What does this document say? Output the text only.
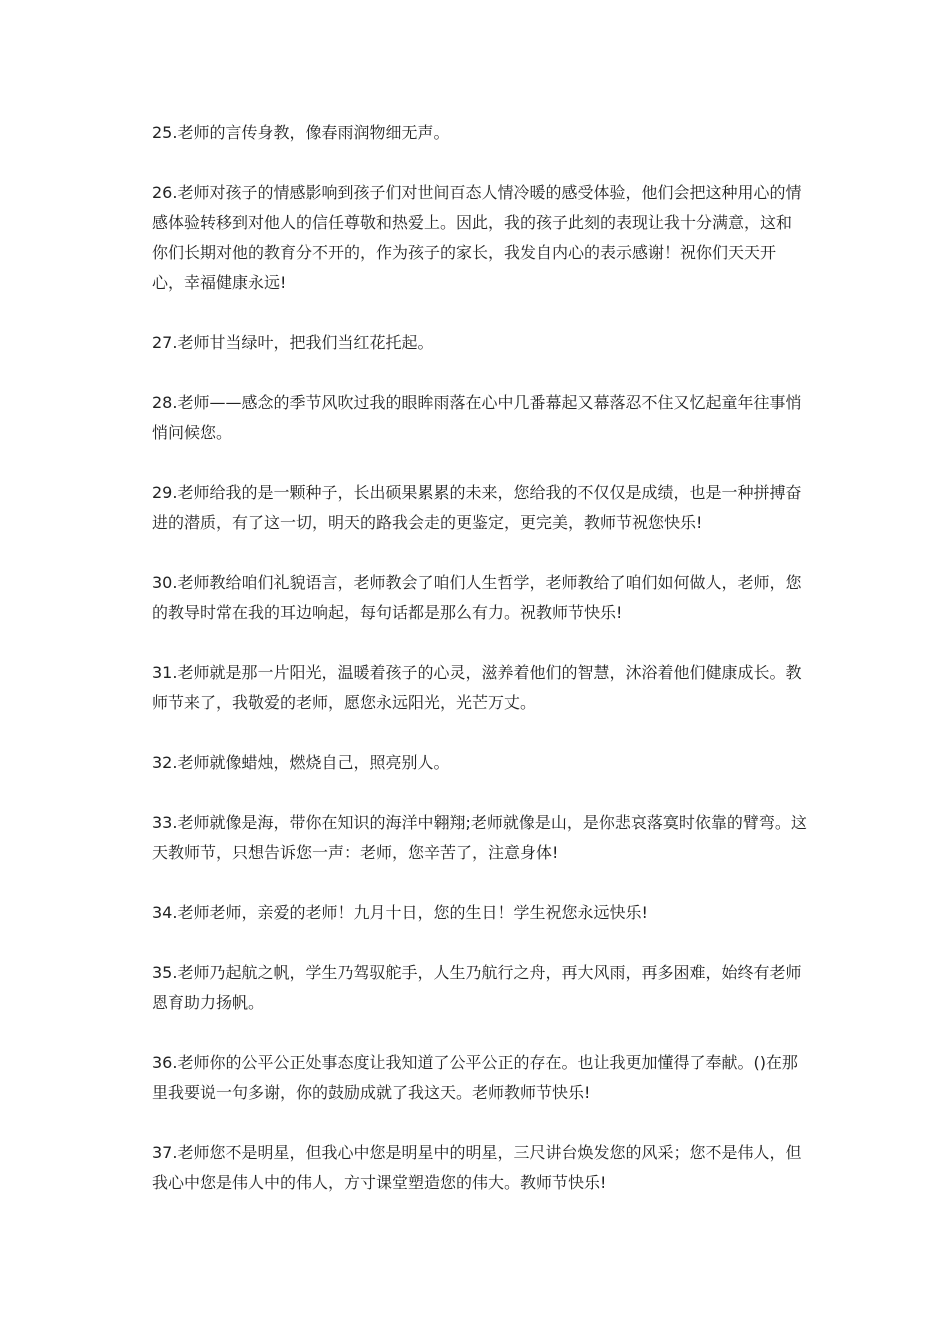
25.老师的言传身教，像春雨润物细无声。

26.老师对孩子的情感影响到孩子们对世间百态人情冷暖的感受体验，他们会把这种用心的情感体验转移到对他人的信任尊敬和热爱上。因此，我的孩子此刻的表现让我十分满意，这和你们长期对他的教育分不开的，作为孩子的家长，我发自内心的表示感谢！祝你们天天开心，幸福健康永远!

27.老师甘当绿叶，把我们当红花托起。

28.老师——感念的季节风吹过我的眼眸雨落在心中几番幕起又幕落忍不住又忆起童年往事悄悄问候您。

29.老师给我的是一颗种子，长出硕果累累的未来，您给我的不仅仅是成绩，也是一种拼搏奋进的潜质，有了这一切，明天的路我会走的更鉴定，更完美，教师节祝您快乐!

30.老师教给咱们礼貌语言，老师教会了咱们人生哲学，老师教给了咱们如何做人，老师，您的教导时常在我的耳边响起，每句话都是那么有力。祝教师节快乐!

31.老师就是那一片阳光，温暖着孩子的心灵，滋养着他们的智慧，沐浴着他们健康成长。教师节来了，我敬爱的老师，愿您永远阳光，光芒万丈。

32.老师就像蜡烛，燃烧自己，照亮别人。

33.老师就像是海，带你在知识的海洋中翱翔;老师就像是山，是你悲哀落寞时依靠的臂弯。这天教师节，只想告诉您一声：老师，您辛苦了，注意身体!

34.老师老师，亲爱的老师！九月十日，您的生日！学生祝您永远快乐!

35.老师乃起航之帆，学生乃驾驭舵手，人生乃航行之舟，再大风雨，再多困难，始终有老师恩育助力扬帆。

36.老师你的公平公正处事态度让我知道了公平公正的存在。也让我更加懂得了奉献。()在那里我要说一句多谢，你的鼓励成就了我这天。老师教师节快乐!

37.老师您不是明星，但我心中您是明星中的明星，三尺讲台焕发您的风采；您不是伟人，但我心中您是伟人中的伟人，方寸课堂塑造您的伟大。教师节快乐!
